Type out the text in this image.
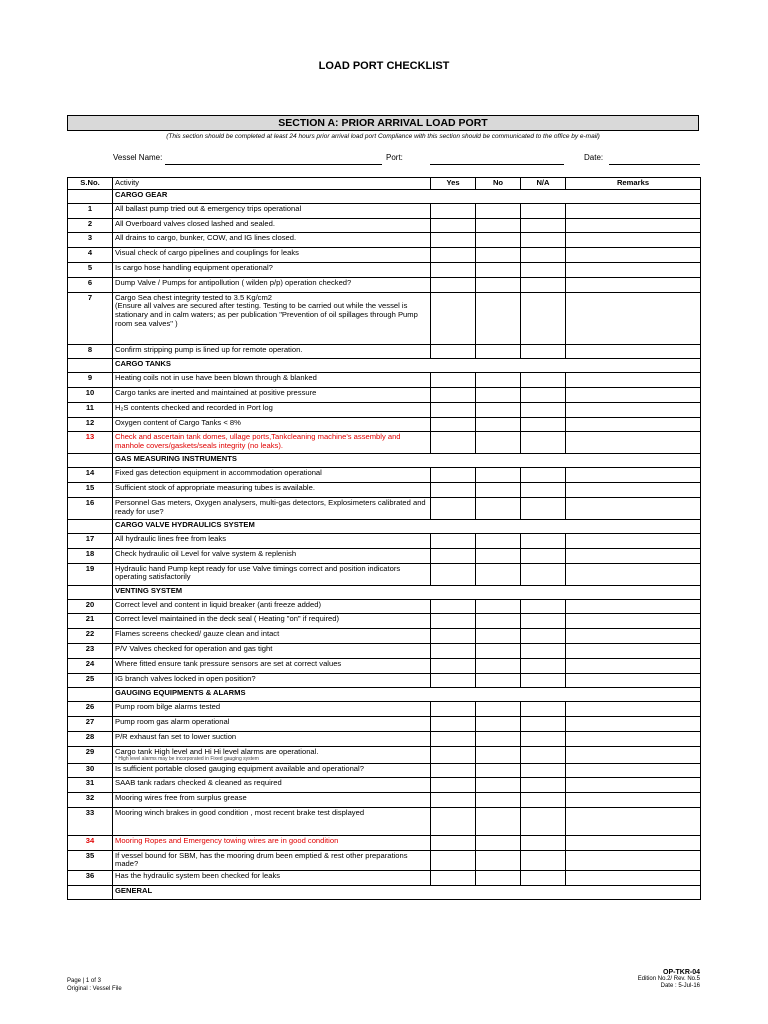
LOAD PORT CHECKLIST
SECTION A: PRIOR ARRIVAL LOAD PORT
(This section should be completed at least 24 hours prior arrival load port Compliance with this section should be communicated to the office by e-mail)
Vessel Name:	Port:	Date:
S.No.	Activity	Yes	No	N/A	Remarks
	CARGO GEAR				
1	All ballast pump tried out & emergency trips operational				
2	All Overboard valves closed lashed and sealed.				
3	All drains to cargo, bunker, COW, and IG lines closed.				
4	Visual check of cargo pipelines and couplings for leaks				
5	Is cargo hose handling equipment operational?				
6	Dump Valve / Pumps for antipollution ( wilden p/p) operation checked?				
7	Cargo Sea chest integrity tested to 3.5 Kg/cm2
(Ensure all valves are secured after testing. Testing to be carried out while the vessel is stationary and in calm waters; as per publication "Prevention of oil spillages through Pump room sea valves" )				
8	Confirm stripping pump is lined up for remote operation.				
	CARGO TANKS				
9	Heating coils not in use have been blown through & blanked				
10	Cargo tanks are inerted and maintained at positive pressure				
11	H₂S contents checked and recorded in Port log				
12	Oxygen content of Cargo Tanks < 8%				
13	Check and ascertain tank domes, ullage ports,Tankcleaning machine's assembly and manhole covers/gaskets/seals integrity (no leaks).				
	GAS MEASURING INSTRUMENTS				
14	Fixed gas detection equipment in accommodation operational				
15	Sufficient stock of appropriate measuring tubes is available.				
16	Personnel Gas meters, Oxygen analysers, multi-gas detectors, Explosimeters calibrated and ready for use?				
	CARGO VALVE HYDRAULICS SYSTEM				
17	All hydraulic lines free from leaks				
18	Check hydraulic oil Level for valve system & replenish				
19	Hydraulic hand Pump kept ready for use Valve timings correct and position indicators operating satisfactorily				
	VENTING SYSTEM				
20	Correct level and content in liquid breaker (anti freeze added)				
21	Correct level maintained in the deck seal ( Heating "on" if required)				
22	Flames screens checked/ gauze clean and intact				
23	P/V Valves checked for operation and gas tight				
24	Where fitted ensure tank pressure sensors are set at correct values				
25	IG branch valves locked in open position?				
	GAUGING EQUIPMENTS & ALARMS				
26	Pump room bilge alarms tested				
27	Pump room gas alarm operational				
28	P/R exhaust fan set to lower suction				
29	Cargo tank High level and Hi Hi level alarms are operational.
* High level alarms may be incorporated in Fixed gauging system				

30	Is sufficient portable closed gauging equipment available and operational?				
31	SAAB tank radars checked & cleaned as required				
32	Mooring wires free from surplus grease				
33	Mooring winch brakes in good condition , most recent brake test displayed				
34	Mooring Ropes and Emergency towing wires are in good condition				
35	If vessel bound for SBM, has the mooring drum been emptied & rest other preparations made?				
36	Has the hydraulic system been checked for leaks				
	GENERAL				
Page | 1 of 3
Original : Vessel File
OP-TKR-04
Edition No.2/ Rev. No.5
Date : 5-Jul-16
